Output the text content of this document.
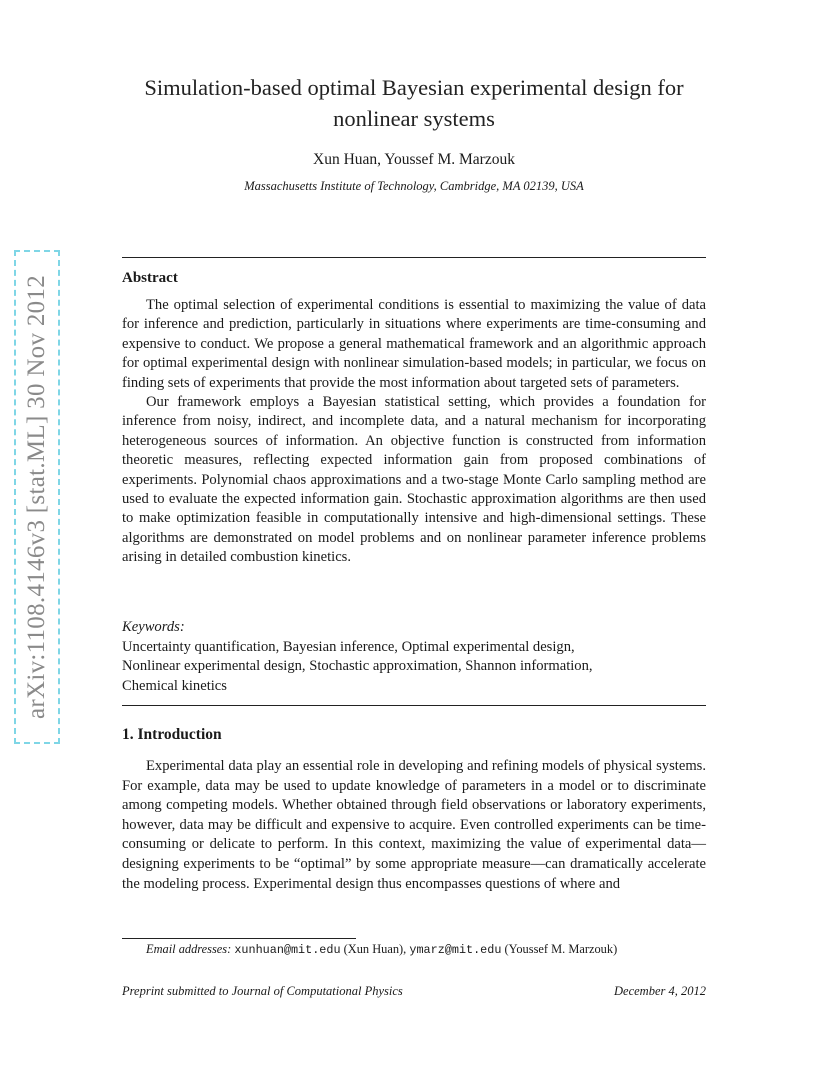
arXiv:1108.4146v3 [stat.ML] 30 Nov 2012
Simulation-based optimal Bayesian experimental design for
nonlinear systems
Xun Huan, Youssef M. Marzouk
Massachusetts Institute of Technology, Cambridge, MA 02139, USA
Abstract

The optimal selection of experimental conditions is essential to maximizing the value of data for inference and prediction, particularly in situations where experiments are time-consuming and expensive to conduct. We propose a general mathematical framework and an algorithmic approach for optimal experimental design with nonlinear simulation-based models; in particular, we focus on finding sets of experiments that provide the most information about targeted sets of parameters.

Our framework employs a Bayesian statistical setting, which provides a foundation for inference from noisy, indirect, and incomplete data, and a natural mechanism for incorporating heterogeneous sources of information. An objective function is constructed from information theoretic measures, reflecting expected information gain from proposed combinations of experiments. Polynomial chaos approximations and a two-stage Monte Carlo sampling method are used to evaluate the expected information gain. Stochastic approximation algorithms are then used to make optimization feasible in computationally intensive and high-dimensional settings. These algorithms are demonstrated on model problems and on nonlinear parameter inference problems arising in detailed combustion kinetics.

Keywords:
Uncertainty quantification, Bayesian inference, Optimal experimental design,
Nonlinear experimental design, Stochastic approximation, Shannon information,
Chemical kinetics
1. Introduction

Experimental data play an essential role in developing and refining models of physical systems. For example, data may be used to update knowledge of parameters in a model or to discriminate among competing models. Whether obtained through field observations or laboratory experiments, however, data may be difficult and expensive to acquire. Even controlled experiments can be time-consuming or delicate to perform. In this context, maximizing the value of experimental data—designing experiments to be “optimal” by some appropriate measure—can dramatically accelerate the modeling process. Experimental design thus encompasses questions of where and

Email addresses: xunhuan@mit.edu (Xun Huan), ymarz@mit.edu (Youssef M. Marzouk)
Preprint submitted to Journal of Computational Physics	December 4, 2012
